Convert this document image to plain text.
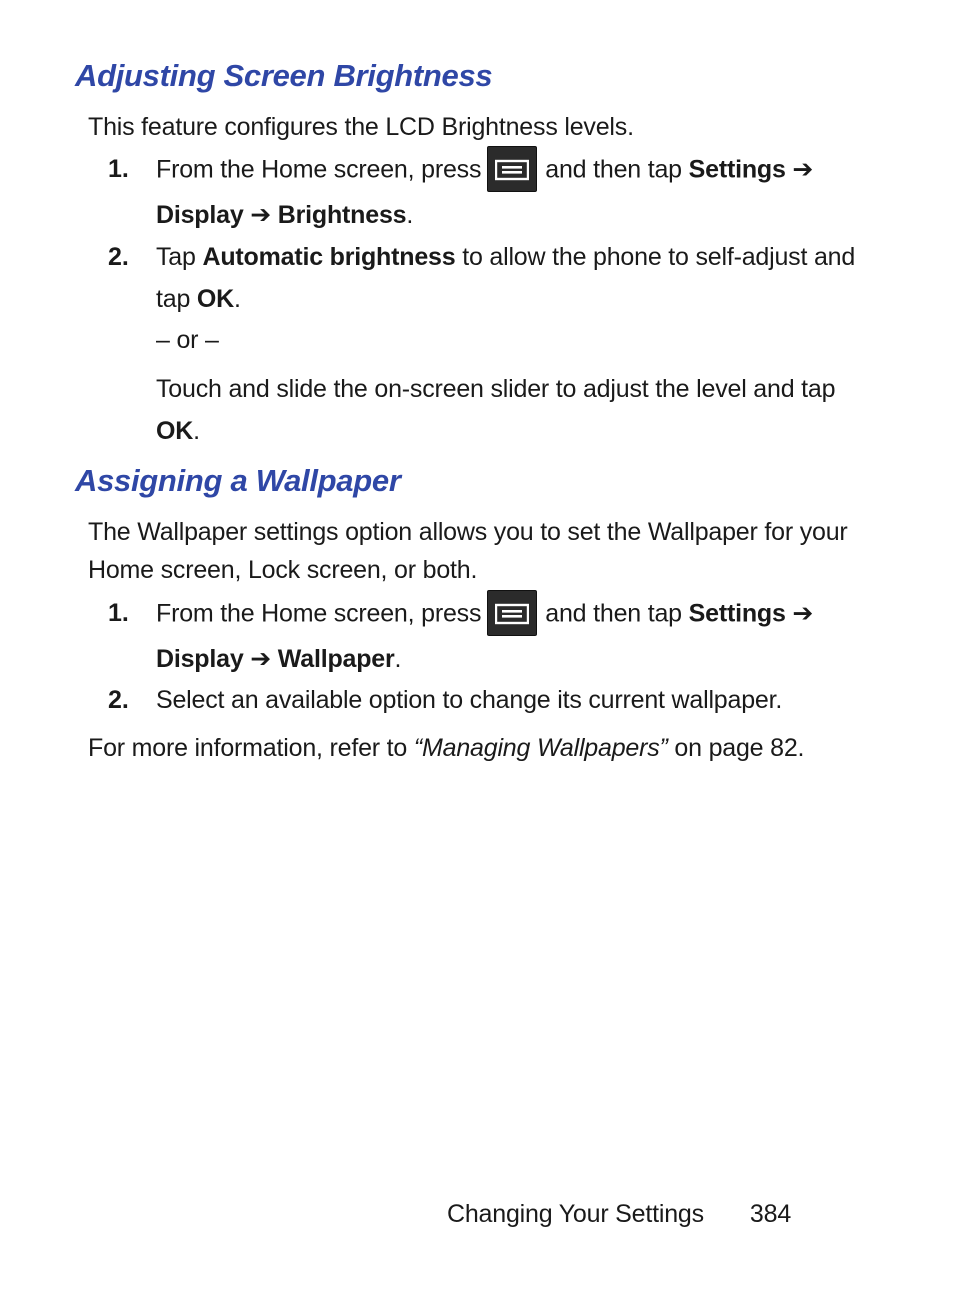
Adjusting Screen Brightness

This feature configures the LCD Brightness levels.

1. From the Home screen, press	and then tap Settings ➔
Display ➔ Brightness.
2. Tap Automatic brightness to allow the phone to self-adjust and tap OK.
– or –
Touch and slide the on-screen slider to adjust the level and tap OK.
Assigning a Wallpaper

The Wallpaper settings option allows you to set the Wallpaper for your Home screen, Lock screen, or both.

1. From the Home screen, press	and then tap Settings ➔
Display ➔ Wallpaper.
2. Select an available option to change its current wallpaper.

For more information, refer to “Managing Wallpapers” on page 82.

Changing Your Settings 384
